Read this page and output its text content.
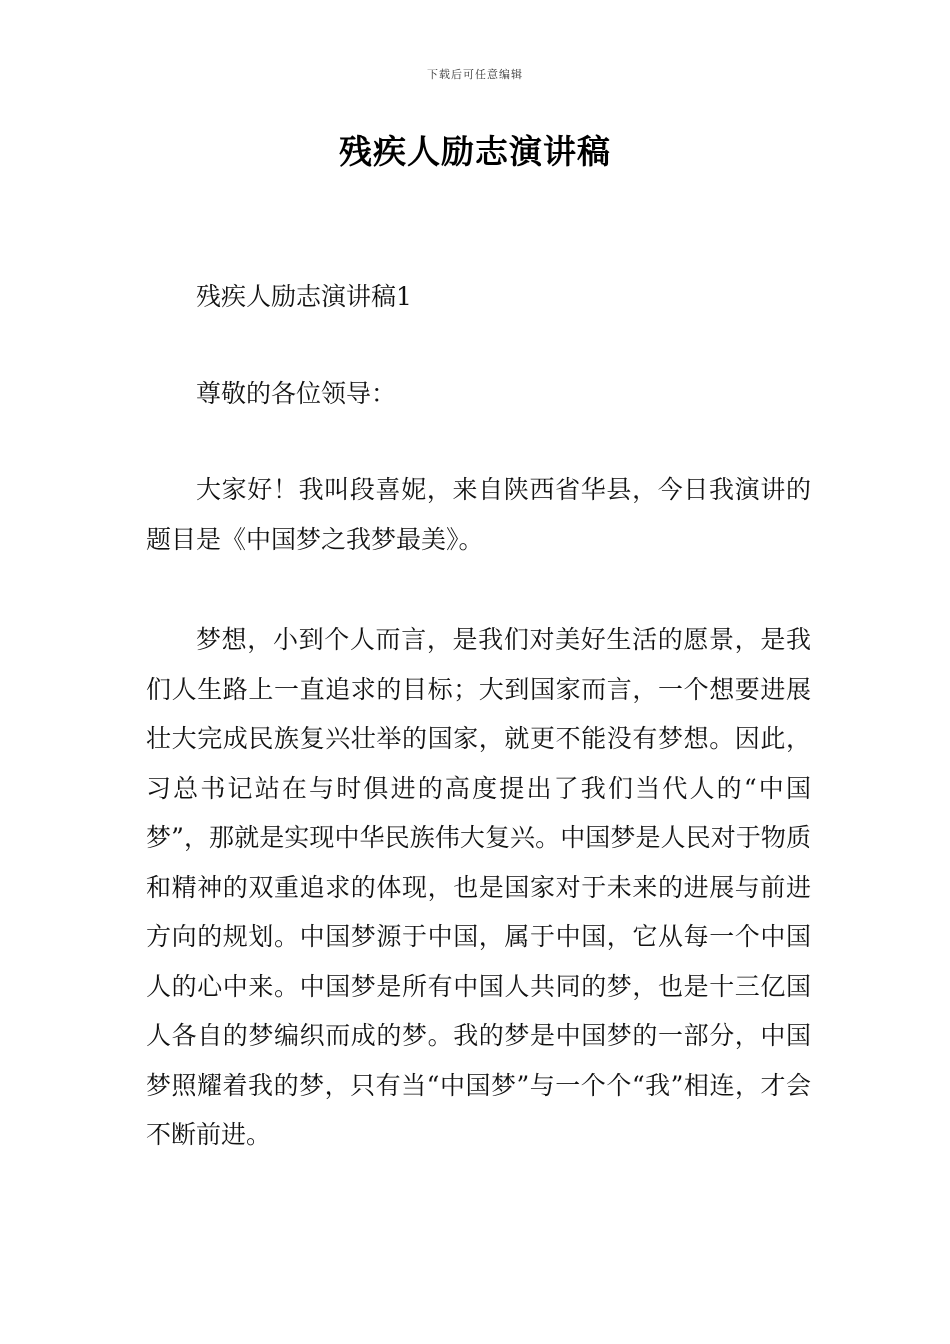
下载后可任意编辑
残疾人励志演讲稿

残疾人励志演讲稿1

尊敬的各位领导：

大家好！我叫段喜妮，来自陕西省华县，今日我演讲的题目是《中国梦之我梦最美》。

梦想，小到个人而言，是我们对美好生活的愿景，是我们人生路上一直追求的目标；大到国家而言，一个想要进展壮大完成民族复兴壮举的国家，就更不能没有梦想。因此，习总书记站在与时俱进的高度提出了我们当代人的“中国梦”，那就是实现中华民族伟大复兴。中国梦是人民对于物质和精神的双重追求的体现，也是国家对于未来的进展与前进方向的规划。中国梦源于中国，属于中国，它从每一个中国人的心中来。中国梦是所有中国人共同的梦，也是十三亿国人各自的梦编织而成的梦。我的梦是中国梦的一部分，中国梦照耀着我的梦，只有当“中国梦”与一个个“我”相连，才会不断前进。
